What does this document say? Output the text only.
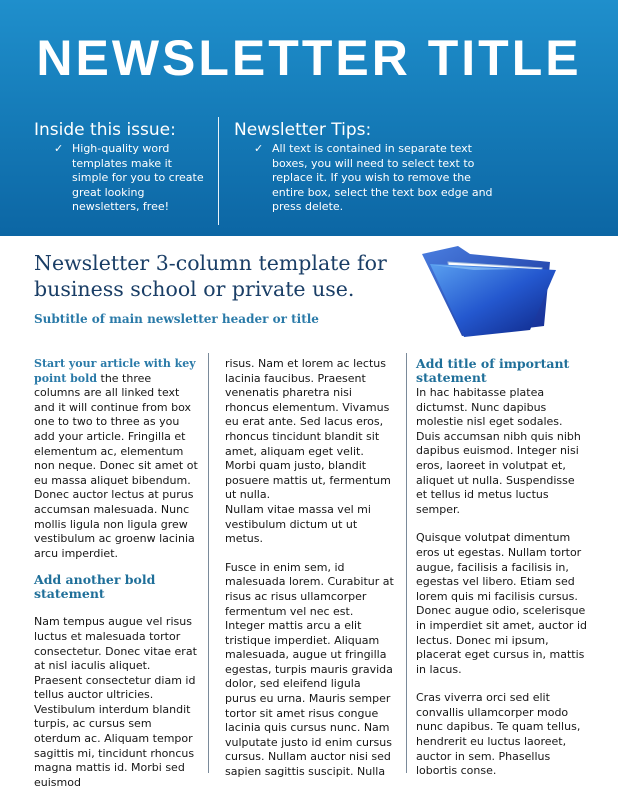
NEWSLETTER TITLE
Inside this issue:
✓ High-quality word templates make it simple for you to create great looking newsletters, free!
Newsletter Tips:
✓ All text is contained in separate text boxes, you will need to select text to replace it. If you wish to remove the entire box, select the text box edge and press delete.
Newsletter 3-column template for business school or private use.
Subtitle of main newsletter header or title

Start your article with key point bold the three columns are all linked text and it will continue from box one to two to three as you add your article. Fringilla et elementum ac, elementum non neque. Donec sit amet ot eu massa aliquet bibendum. Donec auctor lectus at purus accumsan malesuada. Nunc mollis ligula non ligula grew vestibulum ac groenw lacinia arcu imperdiet.

Add another bold statement

Nam tempus augue vel risus luctus et malesuada tortor consectetur. Donec vitae erat at nisl iaculis aliquet. Praesent consectetur diam id tellus auctor ultricies. Vestibulum interdum blandit turpis, ac cursus sem oterdum ac. Aliquam tempor sagittis mi, tincidunt rhoncus magna mattis id. Morbi sed euismod

risus. Nam et lorem ac lectus lacinia faucibus. Praesent venenatis pharetra nisi rhoncus elementum. Vivamus eu erat ante. Sed lacus eros, rhoncus tincidunt blandit sit amet, aliquam eget velit. Morbi quam justo, blandit posuere mattis ut, fermentum ut nulla.

Nullam vitae massa vel mi vestibulum dictum ut ut metus.

Fusce in enim sem, id malesuada lorem. Curabitur at risus ac risus ullamcorper fermentum vel nec est. Integer mattis arcu a elit tristique imperdiet. Aliquam malesuada, augue ut fringilla egestas, turpis mauris gravida dolor, sed eleifend ligula purus eu urna. Mauris semper tortor sit amet risus congue lacinia quis cursus nunc. Nam vulputate justo id enim cursus cursus. Nullam auctor nisi sed sapien sagittis suscipit. Nulla

Add title of important statement

In hac habitasse platea dictumst. Nunc dapibus molestie nisl eget sodales. Duis accumsan nibh quis nibh dapibus euismod. Integer nisi eros, laoreet in volutpat et, aliquet ut nulla. Suspendisse et tellus id metus luctus semper.

Quisque volutpat dimentum eros ut egestas. Nullam tortor augue, facilisis a facilisis in, egestas vel libero. Etiam sed lorem quis mi facilisis cursus. Donec augue odio, scelerisque in imperdiet sit amet, auctor id lectus. Donec mi ipsum, placerat eget cursus in, mattis in lacus.

Cras viverra orci sed elit convallis ullamcorper modo nunc dapibus. Te quam tellus, hendrerit eu luctus laoreet, auctor in sem. Phasellus lobortis conse.
